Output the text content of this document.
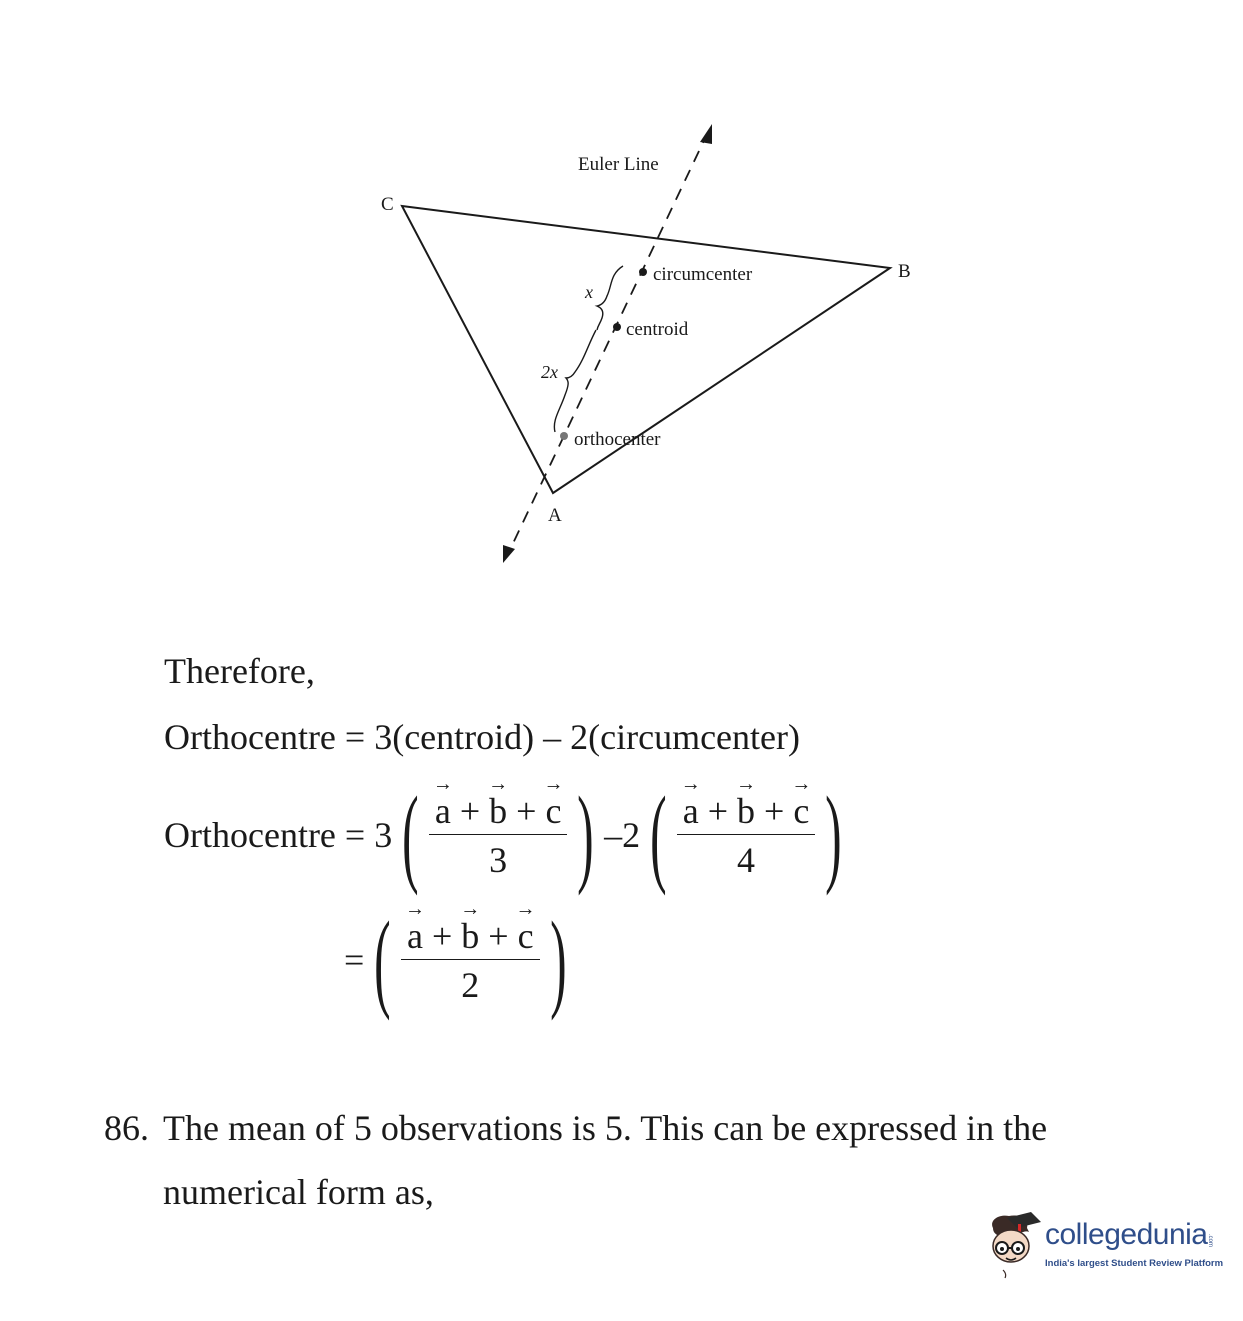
Euler Line
C
B
A
circumcenter
centroid
orthocenter
x
2x
Therefore,
Orthocentre = 3(centroid) – 2(circumcenter)
Orthocentre = 3 ( → $\frac{a + \to b + \to c}{3}$ ) –2 ( → $\frac{a + \to b + \to c}{4}$ )
= ( → $\frac{a + \to b + \to c}{2}$ )
86. The mean of 5 observations is 5. This can be expressed in the
numerical form as,
collegedunia .com
India's largest Student Review Platform
